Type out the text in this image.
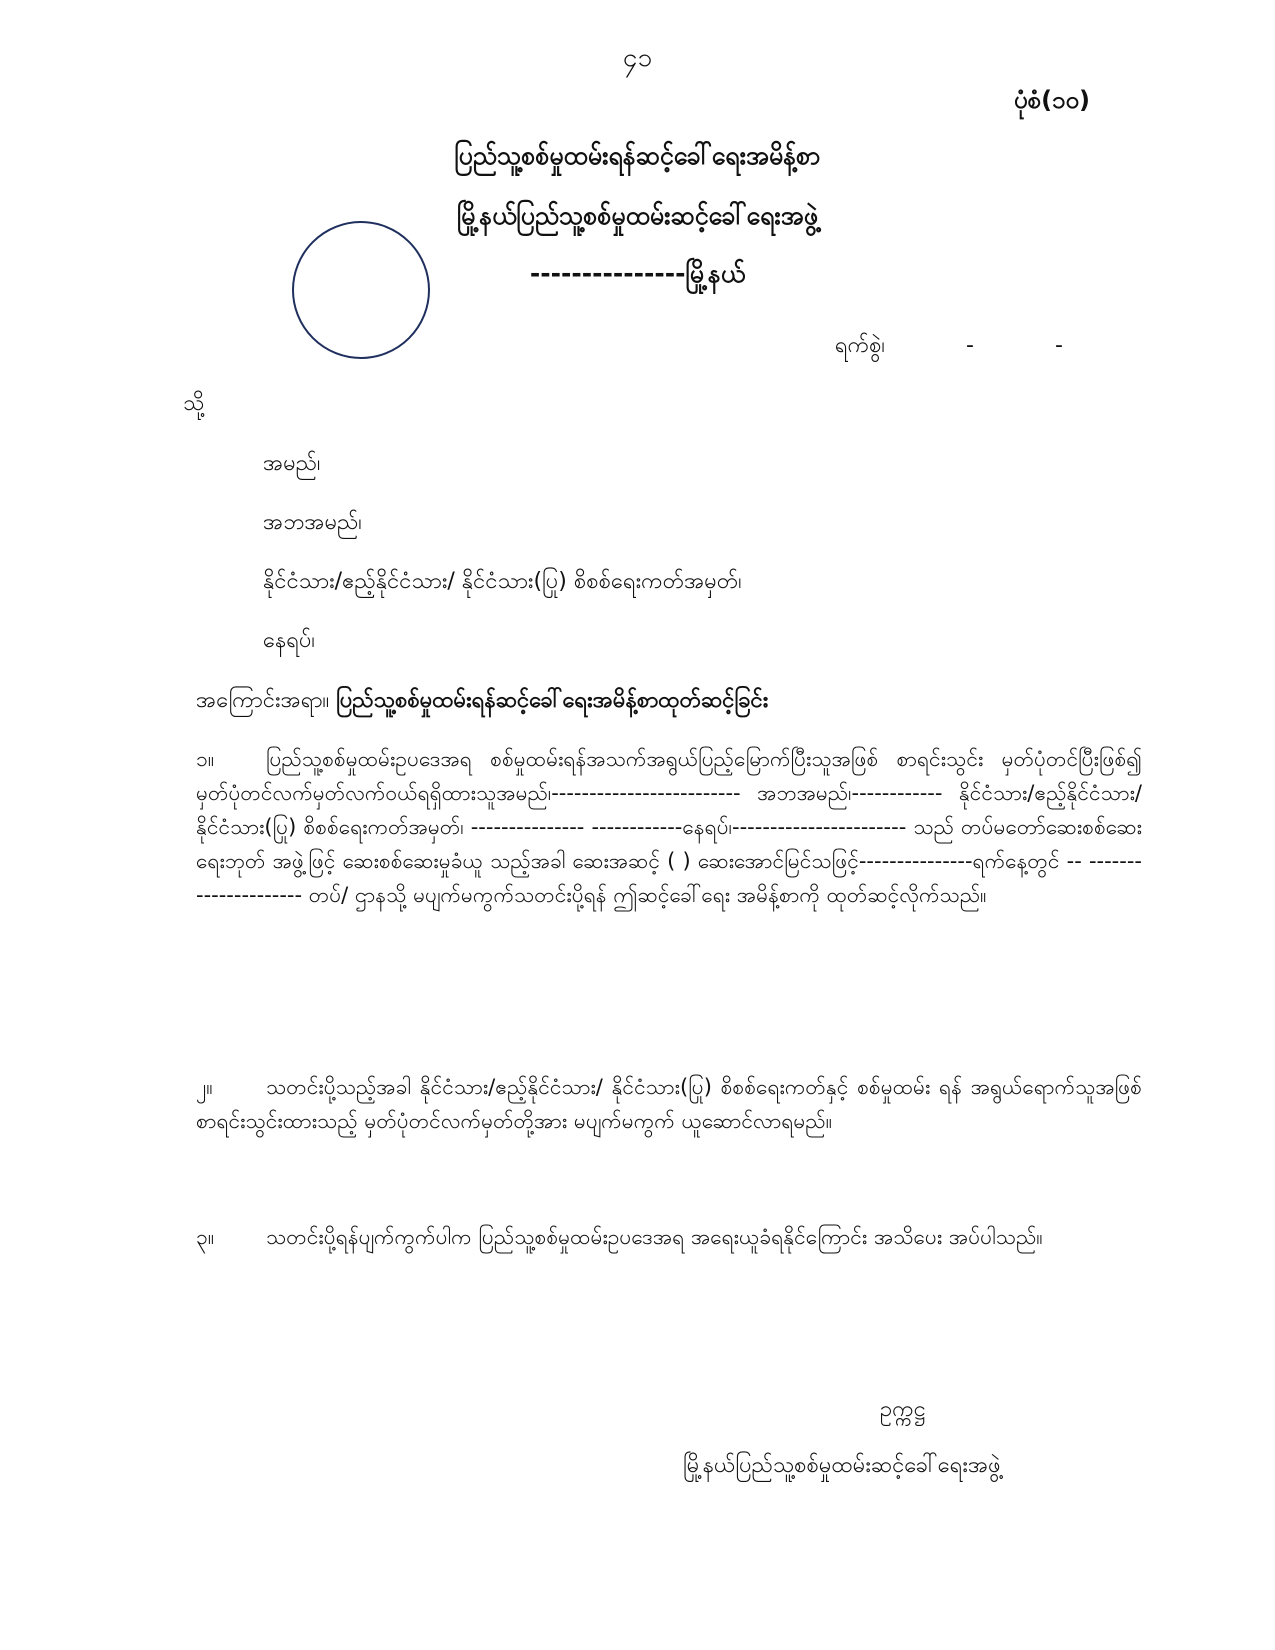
၄၁
ပုံစံ(၁၀)
ပြည်သူ့စစ်မှုထမ်းရန်ဆင့်ခေါ်ရေးအမိန့်စာ
မြို့နယ်ပြည်သူ့စစ်မှုထမ်းဆင့်ခေါ်ရေးအဖွဲ့
---------------မြို့နယ်
ရက်စွဲ၊	-	-
သို့
အမည်၊
အဘအမည်၊
နိုင်ငံသား/ဧည့်နိုင်ငံသား/ နိုင်ငံသား(ပြု) စိစစ်ရေးကတ်အမှတ်၊
နေရပ်၊
အကြောင်းအရာ။ ပြည်သူ့စစ်မှုထမ်းရန်ဆင့်ခေါ်ရေးအမိန့်စာထုတ်ဆင့်ခြင်း
၁။ ပြည်သူ့စစ်မှုထမ်းဥပဒေအရ စစ်မှုထမ်းရန်အသက်အရွယ်ပြည့်မြောက်ပြီးသူအဖြစ် စာရင်းသွင်း မှတ်ပုံတင်ပြီးဖြစ်၍ မှတ်ပုံတင်လက်မှတ်လက်ဝယ်ရရှိထားသူအမည်၊------------------------- အဘအမည်၊------------ နိုင်ငံသား/ဧည့်နိုင်ငံသား/ နိုင်ငံသား(ပြု) စိစစ်ရေးကတ်အမှတ်၊ --------------- ------------နေရပ်၊----------------------- သည် တပ်မတော်ဆေးစစ်ဆေးရေးဘုတ် အဖွဲ့ဖြင့် ဆေးစစ်ဆေးမှုခံယူ သည့်အခါ ဆေးအဆင့် ( ) ဆေးအောင်မြင်သဖြင့်---------------ရက်နေ့တွင် -- --------------------- တပ်/ ဌာနသို့ မပျက်မကွက်သတင်းပို့ရန် ဤဆင့်ခေါ်ရေး အမိန့်စာကို ထုတ်ဆင့်လိုက်သည်။
၂။	သတင်းပို့သည့်အခါ နိုင်ငံသား/ဧည့်နိုင်ငံသား/ နိုင်ငံသား(ပြု) စိစစ်ရေးကတ်နှင့် စစ်မှုထမ်း ရန် အရွယ်ရောက်သူအဖြစ် စာရင်းသွင်းထားသည့် မှတ်ပုံတင်လက်မှတ်တို့အား မပျက်မကွက် ယူဆောင်လာရမည်။
၃။ သတင်းပို့ရန်ပျက်ကွက်ပါက ပြည်သူ့စစ်မှုထမ်းဥပဒေအရ အရေးယူခံရနိုင်ကြောင်း အသိပေး အပ်ပါသည်။
ဥက္ကဋ္ဌ
မြို့နယ်ပြည်သူ့စစ်မှုထမ်းဆင့်ခေါ်ရေးအဖွဲ့
